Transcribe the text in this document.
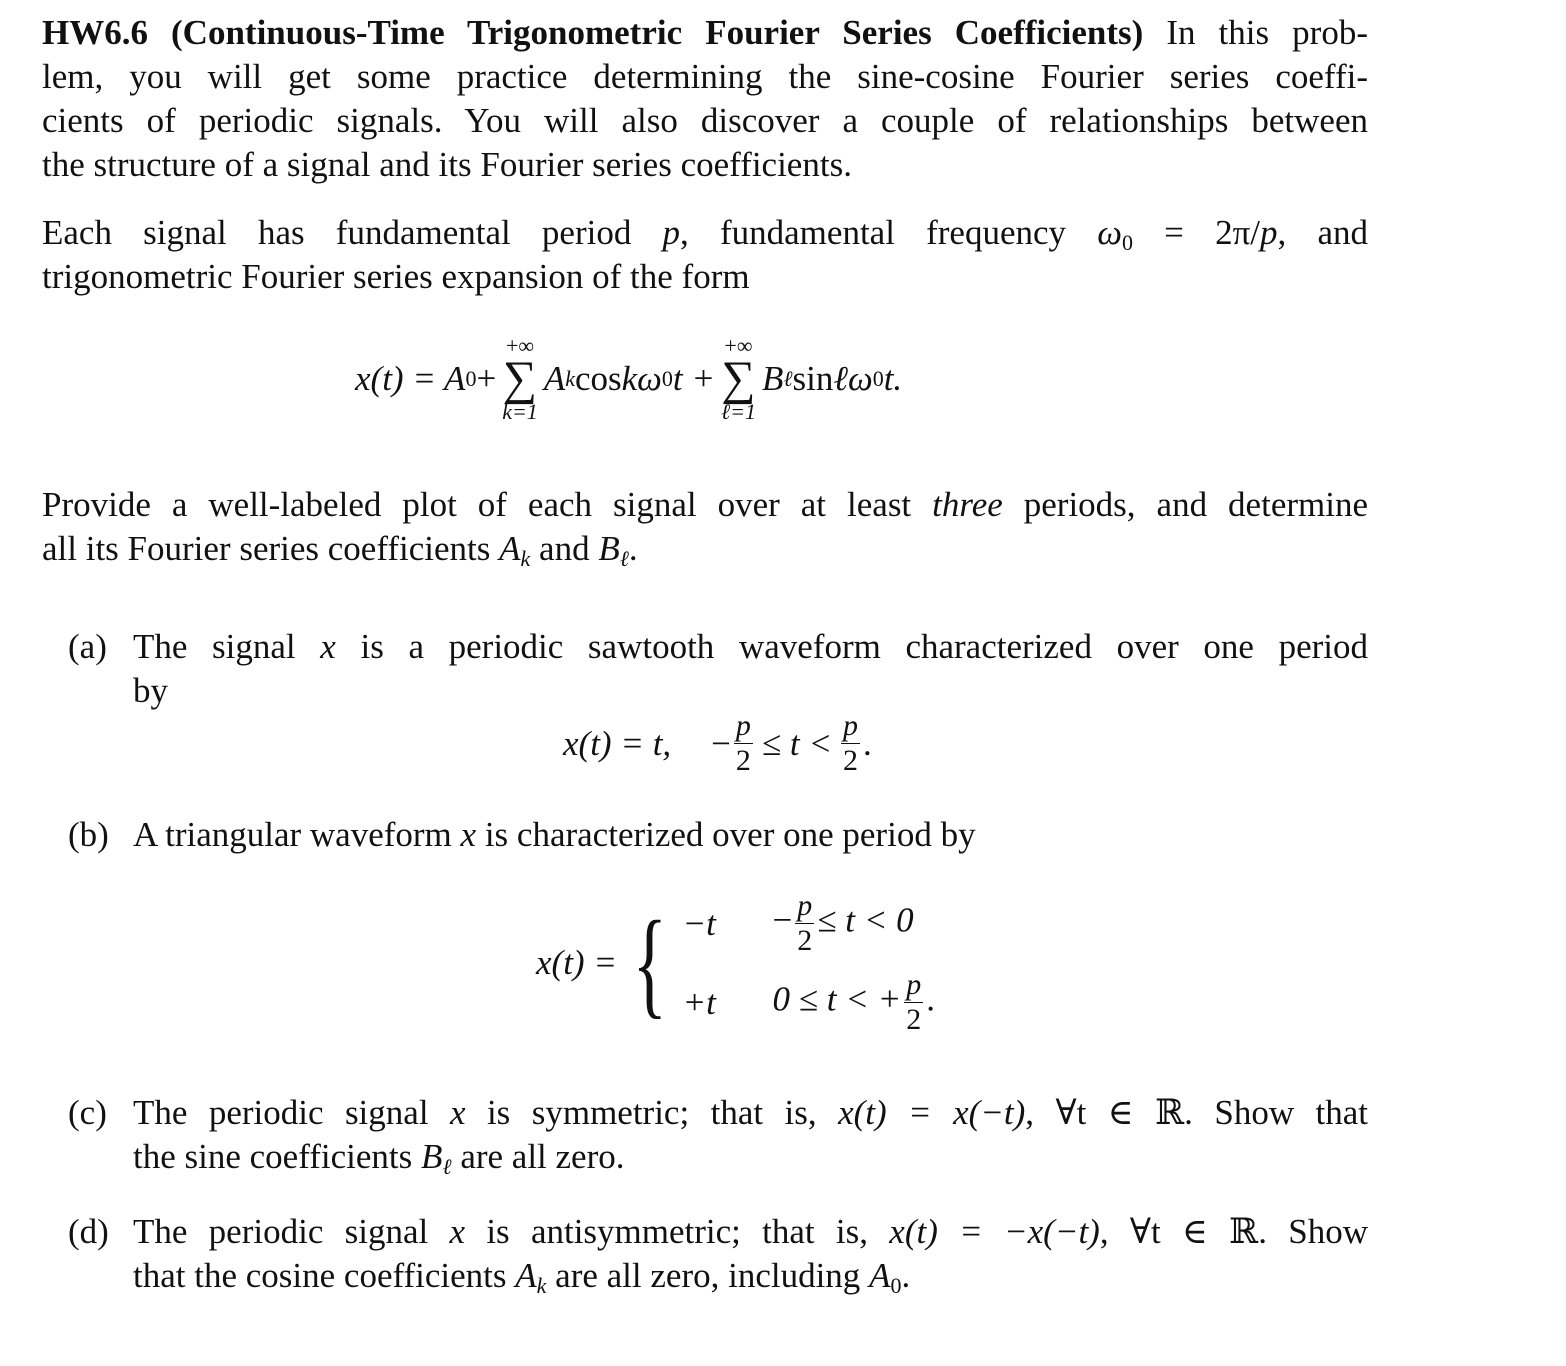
HW6.6 (Continuous-Time Trigonometric Fourier Series Coefficients) In this prob-
lem, you will get some practice determining the sine-cosine Fourier series coeffi-
cients of periodic signals. You will also discover a couple of relationships between
the structure of a signal and its Fourier series coefficients.
Each signal has fundamental period p, fundamental frequency $\omega_0 = 2\pi/p$, and
trigonometric Fourier series expansion of the form
x(t) = A 0 +
+∞
∑
k=1
A k cos kω 0 t +
+∞
∑
ℓ=1
B ℓ sin ℓω 0 t.
Provide a well-labeled plot of each signal over at least three periods, and determine
all its Fourier series coefficients $A_k$ and $B_\ell$.
(a) The signal x is a periodic sawtooth waveform characterized over one period
by
x(t) = t, − $\frac{p}{2} \le t < \frac{p}{2}$ .
(b) A triangular waveform x is characterized over one period by
x(t) = { −t	− $\frac{p}{2} \le t < 0$
+t	0 ≤ t < + $\frac{p}{2}$ .
(c) The periodic signal x is symmetric; that is, x(t) = x(−t), ∀t ∈ ℝ. Show that
the sine coefficients $B_\ell$ are all zero.
(d) The periodic signal x is antisymmetric; that is, x(t) = −x(−t), ∀t ∈ ℝ. Show
that the cosine coefficients $A_k$ are all zero, including $A_0$.
